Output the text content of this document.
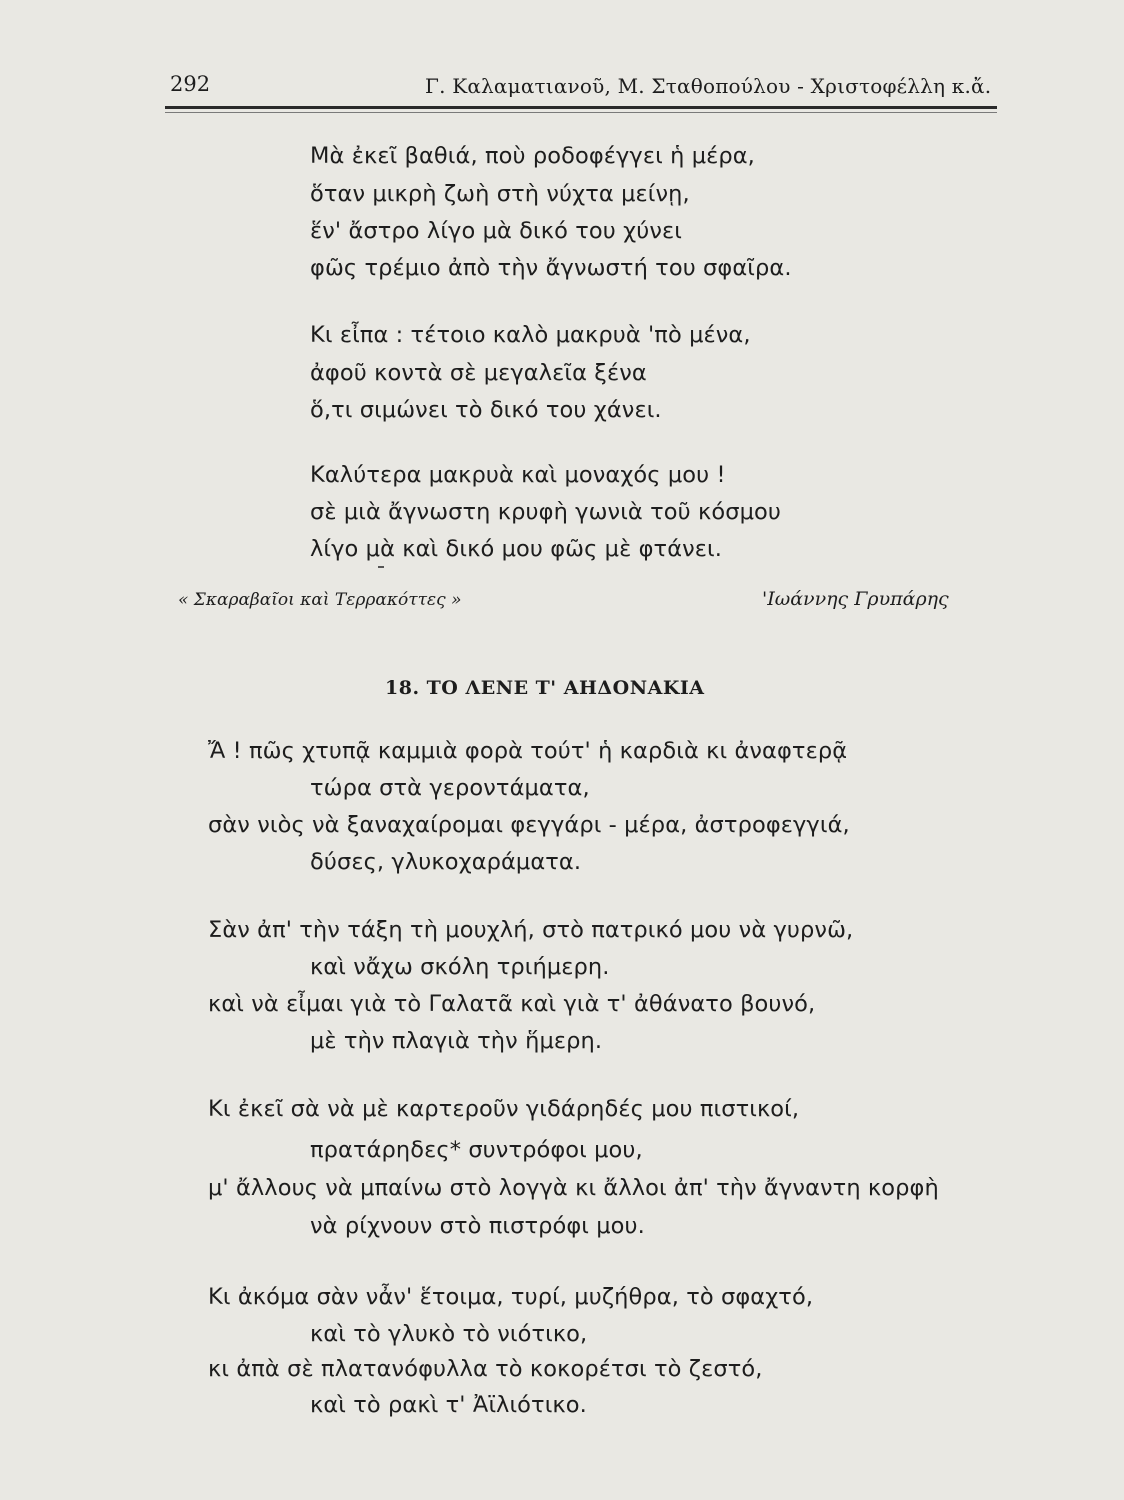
292	Γ. Καλαματιανοῦ, Μ. Σταθοπούλου - Χριστοφέλλη κ.ἄ.
Μὰ ἐκεῖ βαθιά, ποὺ ροδοφέγγει ἡ μέρα,
ὅταν μικρὴ ζωὴ στὴ νύχτα μείνῃ,
ἕν' ἄστρο λίγο μὰ δικό του χύνει
φῶς τρέμιο ἀπὸ τὴν ἄγνωστή του σφαῖρα.
Κι εἶπα : τέτοιο καλὸ μακρυὰ 'πὸ μένα,
ἀφοῦ κοντὰ σὲ μεγαλεῖα ξένα
ὅ,τι σιμώνει τὸ δικό του χάνει.
Καλύτερα μακρυὰ καὶ μοναχός μου !
σὲ μιὰ ἄγνωστη κρυφὴ γωνιὰ τοῦ κόσμου
λίγο μὰ καὶ δικό μου φῶς μὲ φτάνει.
« Σκαραβαῖοι καὶ Τερρακόττες »	'Ιωάννης Γρυπάρης
18. ΤΟ ΛΕΝΕ Τ' ΑΗΔΟΝΑΚΙΑ
Ἄ ! πῶς χτυπᾷ καμμιὰ φορὰ τούτ' ἡ καρδιὰ κι ἀναφτερᾷ
τώρα στὰ γεροντάματα,
σὰν νιὸς νὰ ξαναχαίρομαι φεγγάρι - μέρα, ἀστροφεγγιά,
δύσες, γλυκοχαράματα.
Σὰν ἀπ' τὴν τάξη τὴ μουχλή, στὸ πατρικό μου νὰ γυρνῶ,
καὶ νἄχω σκόλη τριήμερη.
καὶ νὰ εἶμαι γιὰ τὸ Γαλατᾶ καὶ γιὰ τ' ἀθάνατο βουνό,
μὲ τὴν πλαγιὰ τὴν ἥμερη.
Κι ἐκεῖ σὰ νὰ μὲ καρτεροῦν γιδάρηδές μου πιστικοί,
πρατάρηδες* συντρόφοι μου,
μ' ἄλλους νὰ μπαίνω στὸ λογγὰ κι ἄλλοι ἀπ' τὴν ἄγναντη κορφὴ
νὰ ρίχνουν στὸ πιστρόφι μου.
Κι ἀκόμα σὰν νἆν' ἕτοιμα, τυρί, μυζήθρα, τὸ σφαχτό,
καὶ τὸ γλυκὸ τὸ νιότικο,
κι ἀπὰ σὲ πλατανόφυλλα τὸ κοκορέτσι τὸ ζεστό,
καὶ τὸ ρακὶ τ' Ἀϊλιότικο.
